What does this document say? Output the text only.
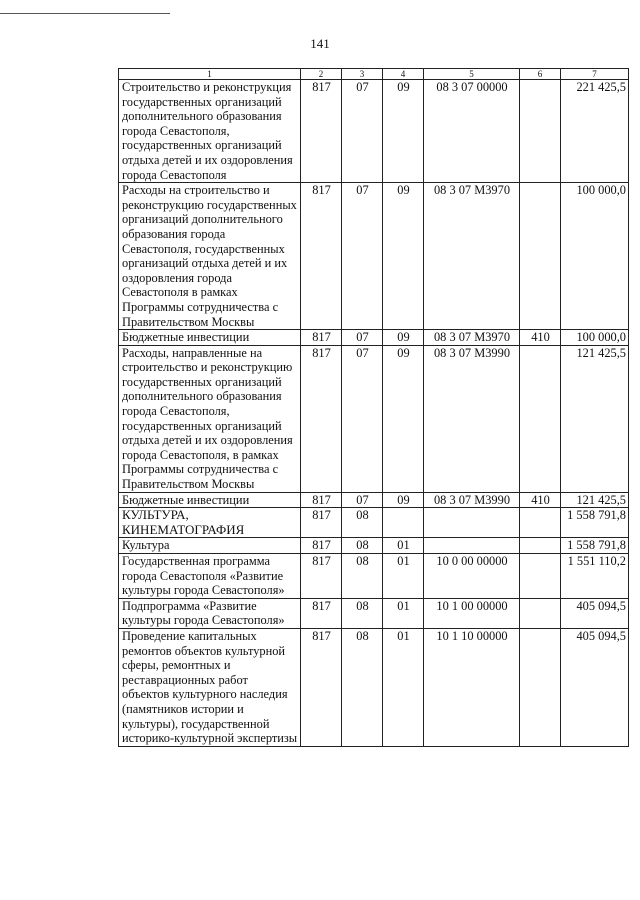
141
1	2	3	4	5	6	7
Строительство и реконструкция государственных организаций дополнительного образования города Севастополя, государственных организаций отдыха детей и их оздоровления города Севастополя	817	07	09	08 3 07 00000		221 425,5
Расходы на строительство и реконструкцию государственных организаций дополнительного образования города Севастополя, государственных организаций отдыха детей и их оздоровления города Севастополя в рамках Программы сотрудничества с Правительством Москвы	817	07	09	08 3 07 M3970		100 000,0
Бюджетные инвестиции	817	07	09	08 3 07 M3970	410	100 000,0
Расходы, направленные на строительство и реконструкцию государственных организаций дополнительного образования города Севастополя, государственных организаций отдыха детей и их оздоровления города Севастополя, в рамках Программы сотрудничества с Правительством Москвы	817	07	09	08 3 07 M3990		121 425,5
Бюджетные инвестиции	817	07	09	08 3 07 M3990	410	121 425,5
КУЛЬТУРА, КИНЕМАТОГРАФИЯ	817	08				1 558 791,8
Культура	817	08	01			1 558 791,8
Государственная программа города Севастополя «Развитие культуры города Севастополя»	817	08	01	10 0 00 00000		1 551 110,2
Подпрограмма «Развитие культуры города Севастополя»	817	08	01	10 1 00 00000		405 094,5
Проведение капитальных ремонтов объектов культурной сферы, ремонтных и реставрационных работ объектов культурного наследия (памятников истории и культуры), государственной историко-культурной экспертизы	817	08	01	10 1 10 00000		405 094,5
